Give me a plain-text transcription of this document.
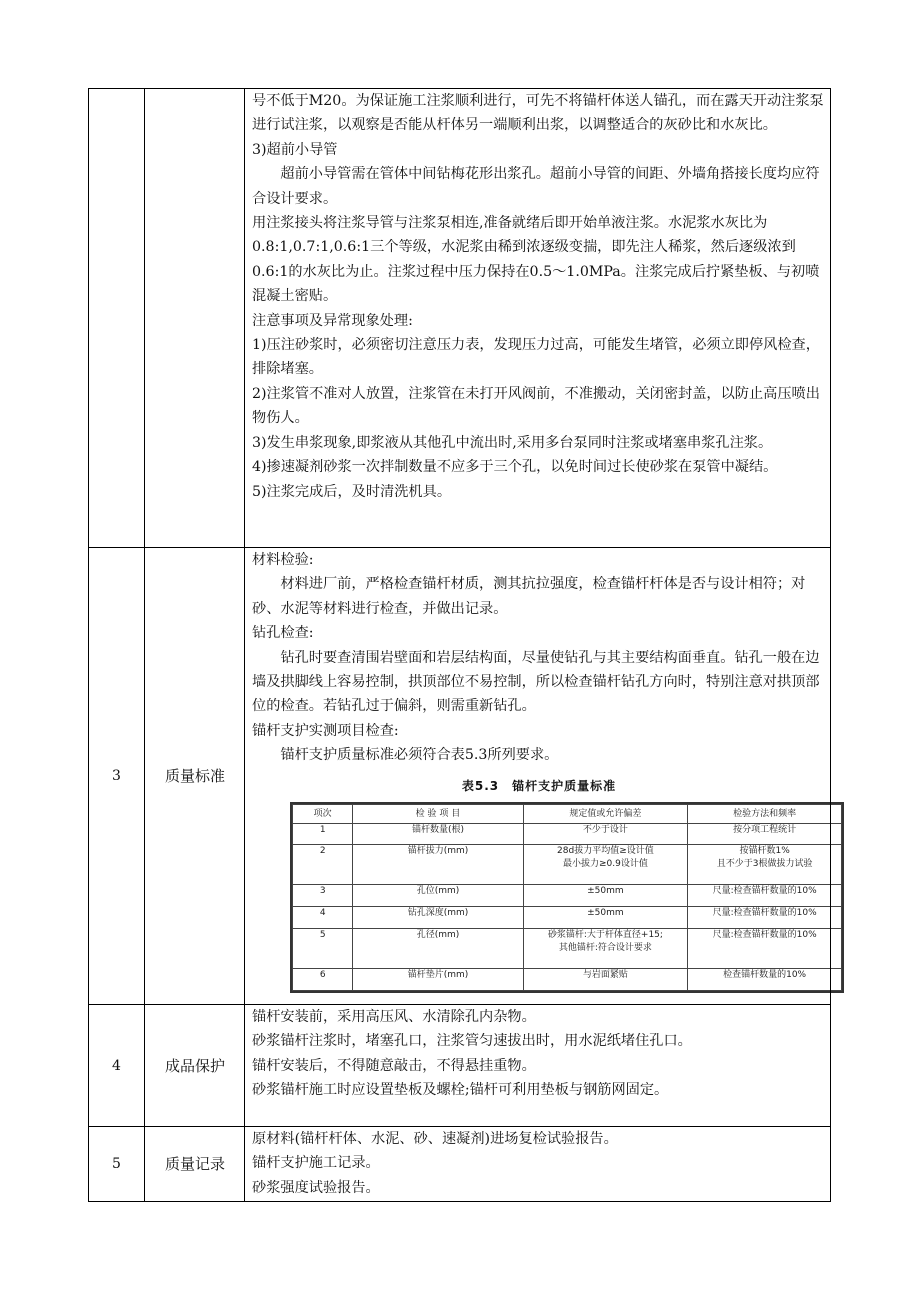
号不低于M20。为保证施工注浆顺利进行，可先不将锚杆体送人锚孔，而在露天开动注浆泵进行试注浆，以观察是否能从杆体另一端顺利出浆，以调整适合的灰砂比和水灰比。

3)超前小导管

超前小导管需在管体中间钻梅花形出浆孔。超前小导管的间距、外墙角搭接长度均应符合设计要求。

用注浆接头将注浆导管与注浆泵相连,准备就绪后即开始单液注浆。水泥浆水灰比为0.8:1,0.7:1,0.6:1三个等级，水泥浆由稀到浓逐级变揣，即先注人稀浆，然后逐级浓到0.6:1的水灰比为止。注浆过程中压力保持在0.5～1.0MPa。注浆完成后拧紧垫板、与初喷混凝土密贴。

注意事项及异常现象处理:

1)压注砂浆时，必须密切注意压力表，发现压力过高，可能发生堵管，必须立即停风检查，排除堵塞。

2)注浆管不准对人放置，注浆管在未打开风阀前，不准搬动，关闭密封盖，以防止高压喷出物伤人。

3)发生串浆现象,即浆液从其他孔中流出时,采用多台泵同时注浆或堵塞串浆孔注浆。

4)掺速凝剂砂浆一次拌制数量不应多于三个孔，以免时间过长使砂浆在泵管中凝结。

5)注浆完成后，及时清洗机具。

3	质量标准	

材料检验:

材料进厂前，严格检查锚杆材质，测其抗拉强度，检查锚杆杆体是否与设计相符；对砂、水泥等材料进行检查，并做出记录。

钻孔检查:

钻孔时要查清围岩壁面和岩层结构面，尽量使钻孔与其主要结构面垂直。钻孔一般在边墙及拱脚线上容易控制，拱顶部位不易控制，所以检查锚杆钻孔方向时，特别注意对拱顶部位的检查。若钻孔过于偏斜，则需重新钻孔。

锚杆支护实测项目检查:

锚杆支护质量标准必须符合表5.3所列要求。

表5.3　锚杆支护质量标准
项次	检 验 项 目	规定值或允许偏差	检验方法和频率
1	锚杆数量(根)	不少于设计	按分项工程统计
2	锚杆拔力(mm)	28d拔力平均值≥设计值
最小拔力≥0.9设计值	按锚杆数1%
且不少于3根做拔力试验
3	孔位(mm)	±50mm	尺量:检查锚杆数量的10%
4	钻孔深度(mm)	±50mm	尺量:检查锚杆数量的10%
5	孔径(mm)	砂浆锚杆:大于杆体直径+15;
其他锚杆:符合设计要求	尺量:检查锚杆数量的10%
6	锚杆垫片(mm)	与岩面紧贴	检查锚杆数量的10%

4	成品保护	

锚杆安装前，采用高压风、水清除孔内杂物。

砂浆锚杆注浆时，堵塞孔口，注浆管匀速拔出时，用水泥纸堵住孔口。

锚杆安装后，不得随意敲击，不得悬挂重物。

砂浆锚杆施工时应设置垫板及螺栓;锚杆可利用垫板与钢筋网固定。

5	质量记录	

原材料(锚杆杆体、水泥、砂、速凝剂)进场复检试验报告。

锚杆支护施工记录。

砂浆强度试验报告。
